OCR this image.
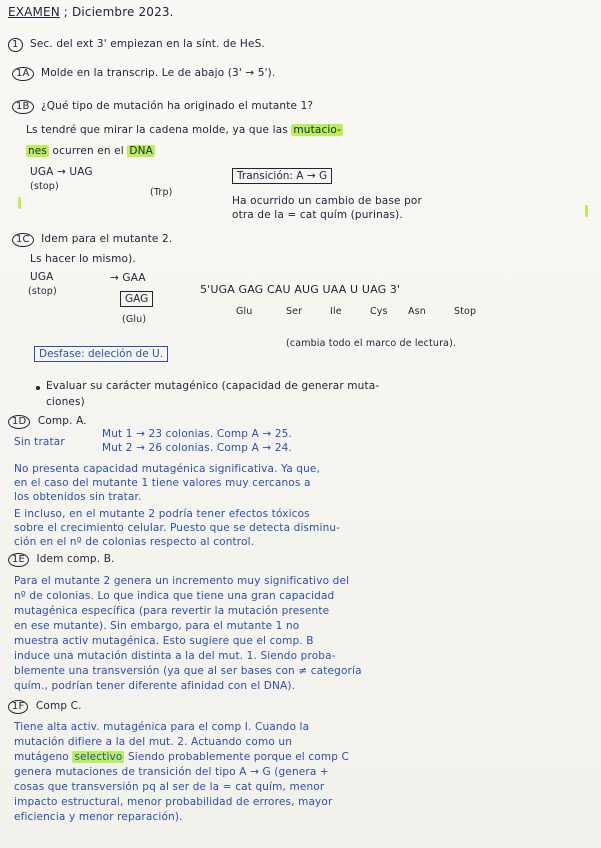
EXAMEN ; Diciembre 2023.
1 Sec. del ext 3' empiezan en la sínt. de HeS.
1A Molde en la transcrip. Le de abajo (3' → 5').
1B ¿Qué tipo de mutación ha originado el mutante 1?
Ls tendré que mirar la cadena molde, ya que las mutacio-
nes ocurren en el DNA
UGA → UAG
(stop)
(Trp)
Transición: A → G
Ha ocurrido un cambio de base por
otra de la = cat quím (purinas).
1C Idem para el mutante 2.
Ls hacer lo mismo).
UGA
(stop)
→ GAA
GAG
(Glu)
5'UGA GAG CAU AUG UAA U UAG 3'
Glu	Ser	Ile	Cys Asn	Stop
Desfase: deleción de U.
(cambia todo el marco de lectura).
Evaluar su carácter mutagénico (capacidad de generar muta-
ciones)
1D Comp. A.
Sin tratar
Mut 1 → 23 colonias. Comp A → 25.
Mut 2 → 26 colonias. Comp A → 24.
No presenta capacidad mutagénica significativa. Ya que,
en el caso del mutante 1 tiene valores muy cercanos a
los obtenidos sin tratar.
E incluso, en el mutante 2 podría tener efectos tóxicos
sobre el crecimiento celular. Puesto que se detecta disminu-
ción en el nº de colonias respecto al control.
1E Idem comp. B.
Para el mutante 2 genera un incremento muy significativo del
nº de colonias. Lo que indica que tiene una gran capacidad
mutagénica específica (para revertir la mutación presente
en ese mutante). Sin embargo, para el mutante 1 no
muestra activ mutagénica. Esto sugiere que el comp. B
induce una mutación distinta a la del mut. 1. Siendo proba-
blemente una transversión (ya que al ser bases con ≠ categoría
quím., podrían tener diferente afinidad con el DNA).
1F Comp C.
Tiene alta activ. mutagénica para el comp I. Cuando la
mutación difiere a la del mut. 2. Actuando como un
mutágeno selectivo Siendo probablemente porque el comp C
genera mutaciones de transición del tipo A → G (genera +
cosas que transversión pq al ser de la = cat quím, menor
impacto estructural, menor probabilidad de errores, mayor
eficiencia y menor reparación).
